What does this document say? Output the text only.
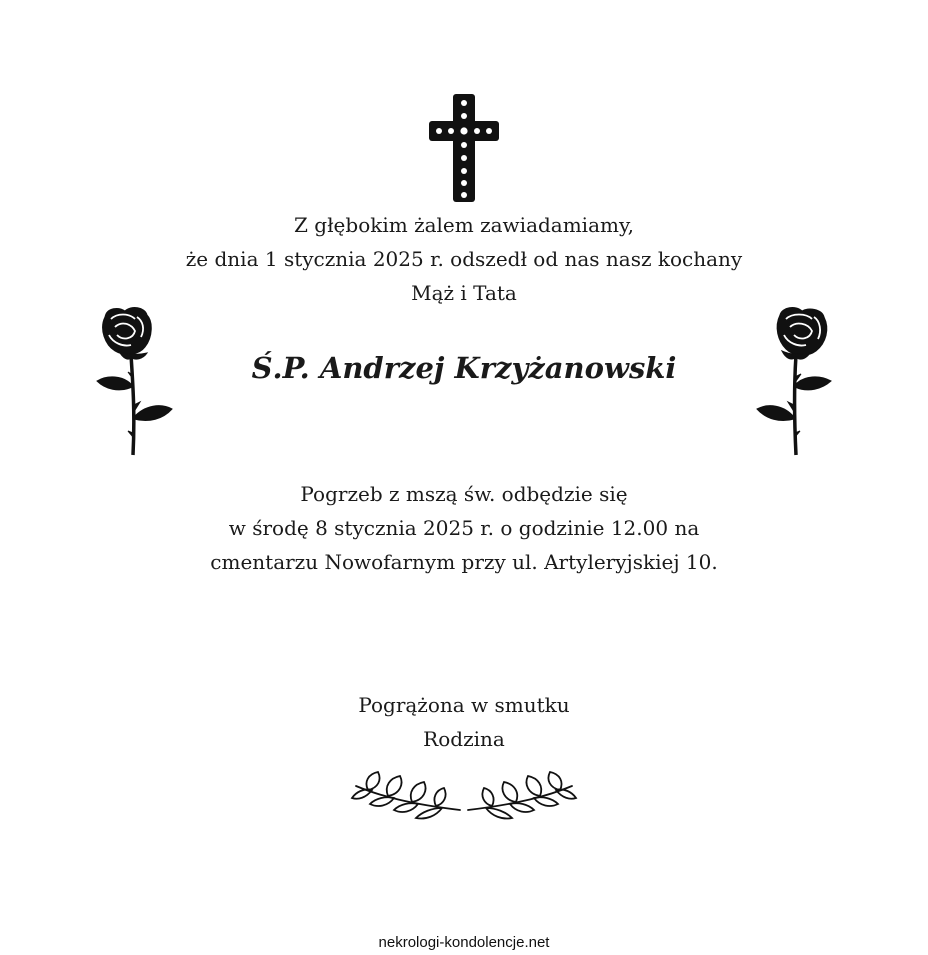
Z głębokim żalem zawiadamiamy,
że dnia 1 stycznia 2025 r. odszedł od nas nasz kochany
Mąż i Tata
Ś.P. Andrzej Krzyżanowski
Pogrzeb z mszą św. odbędzie się
w środę 8 stycznia 2025 r. o godzinie 12.00 na
cmentarzu Nowofarnym przy ul. Artyleryjskiej 10.
Pogrążona w smutku
Rodzina
nekrologi-kondolencje.net
